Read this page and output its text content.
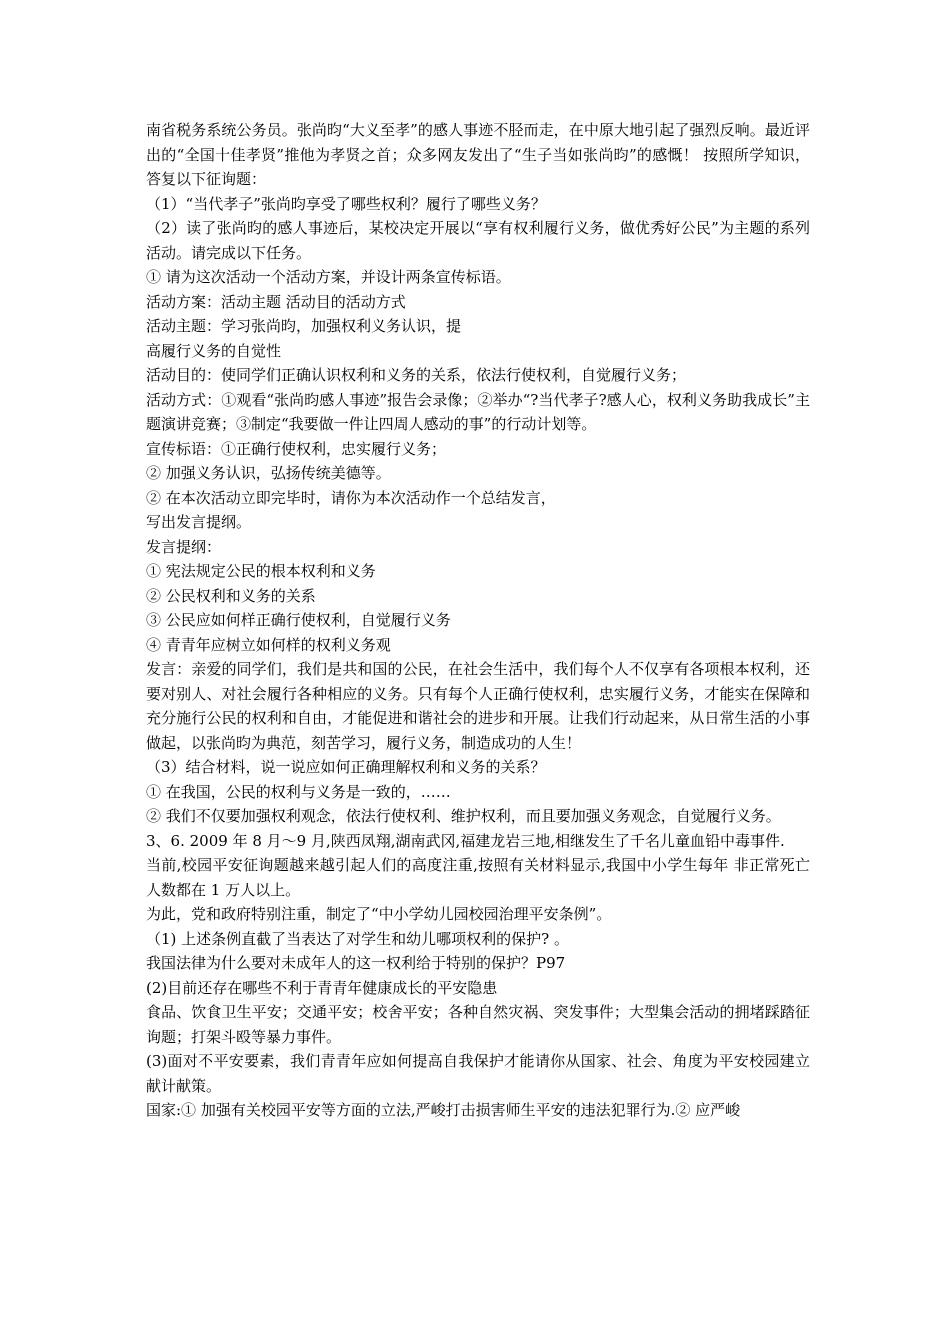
南省税务系统公务员。张尚昀“大义至孝”的感人事迹不胫而走，在中原大地引起了强烈反响。最近评出的“全国十佳孝贤”推他为孝贤之首；众多网友发出了“生子当如张尚昀”的感慨！ 按照所学知识，答复以下征询题：

（1）“当代孝子”张尚昀享受了哪些权利？履行了哪些义务？

（2）读了张尚昀的感人事迹后，某校决定开展以“享有权利履行义务，做优秀好公民”为主题的系列活动。请完成以下任务。

① 请为这次活动一个活动方案，并设计两条宣传标语。

活动方案：活动主题 活动目的活动方式

活动主题：学习张尚昀，加强权利义务认识，提

高履行义务的自觉性

活动目的：使同学们正确认识权利和义务的关系，依法行使权利，自觉履行义务；

活动方式：①观看“张尚昀感人事迹”报告会录像；②举办“?当代孝子?感人心，权利义务助我成长”主题演讲竞赛；③制定“我要做一件让四周人感动的事”的行动计划等。

宣传标语：①正确行使权利，忠实履行义务；

② 加强义务认识，弘扬传统美德等。

② 在本次活动立即完毕时，请你为本次活动作一个总结发言，

写出发言提纲。

发言提纲：

① 宪法规定公民的根本权利和义务

② 公民权利和义务的关系

③ 公民应如何样正确行使权利，自觉履行义务

④ 青青年应树立如何样的权利义务观

发言：亲爱的同学们，我们是共和国的公民，在社会生活中，我们每个人不仅享有各项根本权利，还要对别人、对社会履行各种相应的义务。只有每个人正确行使权利，忠实履行义务，才能实在保障和充分施行公民的权利和自由，才能促进和谐社会的进步和开展。让我们行动起来，从日常生活的小事做起，以张尚昀为典范，刻苦学习，履行义务，制造成功的人生！

（3）结合材料，说一说应如何正确理解权利和义务的关系？

① 在我国，公民的权利与义务是一致的，……

② 我们不仅要加强权利观念，依法行使权利、维护权利，而且要加强义务观念，自觉履行义务。

3、6. 2009 年 8 月～9 月,陕西凤翔,湖南武冈,福建龙岩三地,相继发生了千名儿童血铅中毒事件.

当前,校园平安征询题越来越引起人们的高度注重,按照有关材料显示,我国中小学生每年 非正常死亡人数都在 1 万人以上。

为此，党和政府特别注重，制定了“中小学幼儿园校园治理平安条例”。

（1) 上述条例直截了当表达了对学生和幼儿哪项权利的保护? 。

我国法律为什么要对未成年人的这一权利给于特别的保护？P97

(2)目前还存在哪些不利于青青年健康成长的平安隐患

食品、饮食卫生平安；交通平安；校舍平安；各种自然灾祸、突发事件；大型集会活动的拥堵踩踏征询题；打架斗殴等暴力事件。

(3)面对不平安要素，我们青青年应如何提高自我保护才能请你从国家、社会、角度为平安校园建立献计献策。

国家:① 加强有关校园平安等方面的立法,严峻打击损害师生平安的违法犯罪行为.② 应严峻
